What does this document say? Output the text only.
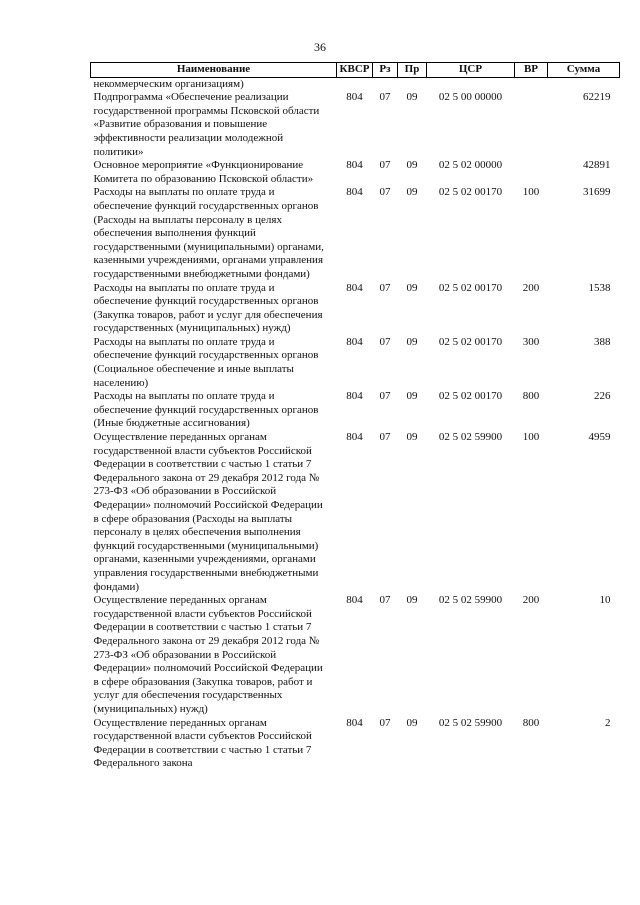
36
Наименование	КВСР	Рз	Пр	ЦСР	ВР	Сумма
некоммерческим организациям)						
Подпрограмма «Обеспечение реализации государственной программы Псковской области «Развитие образования и повышение эффективности реализации молодежной политики»	804	07	09	02 5 00 00000		62219
Основное мероприятие «Функционирование Комитета по образованию Псковской области»	804	07	09	02 5 02 00000		42891
Расходы на выплаты по оплате труда и обеспечение функций государственных органов (Расходы на выплаты персоналу в целях обеспечения выполнения функций государственными (муниципальными) органами, казенными учреждениями, органами управления государственными внебюджетными фондами)	804	07	09	02 5 02 00170	100	31699
Расходы на выплаты по оплате труда и обеспечение функций государственных органов (Закупка товаров, работ и услуг для обеспечения государственных (муниципальных) нужд)	804	07	09	02 5 02 00170	200	1538
Расходы на выплаты по оплате труда и обеспечение функций государственных органов (Социальное обеспечение и иные выплаты населению)	804	07	09	02 5 02 00170	300	388
Расходы на выплаты по оплате труда и обеспечение функций государственных органов (Иные бюджетные ассигнования)	804	07	09	02 5 02 00170	800	226
Осуществление переданных органам государственной власти субъектов Российской Федерации в соответствии с частью 1 статьи 7 Федерального закона от 29 декабря 2012 года № 273-ФЗ «Об образовании в Российской Федерации» полномочий Российской Федерации в сфере образования (Расходы на выплаты персоналу в целях обеспечения выполнения функций государственными (муниципальными) органами, казенными учреждениями, органами управления государственными внебюджетными фондами)	804	07	09	02 5 02 59900	100	4959
Осуществление переданных органам государственной власти субъектов Российской Федерации в соответствии с частью 1 статьи 7 Федерального закона от 29 декабря 2012 года № 273-ФЗ «Об образовании в Российской Федерации» полномочий Российской Федерации в сфере образования (Закупка товаров, работ и услуг для обеспечения государственных (муниципальных) нужд)	804	07	09	02 5 02 59900	200	10
Осуществление переданных органам государственной власти субъектов Российской Федерации в соответствии с частью 1 статьи 7 Федерального закона	804	07	09	02 5 02 59900	800	2
